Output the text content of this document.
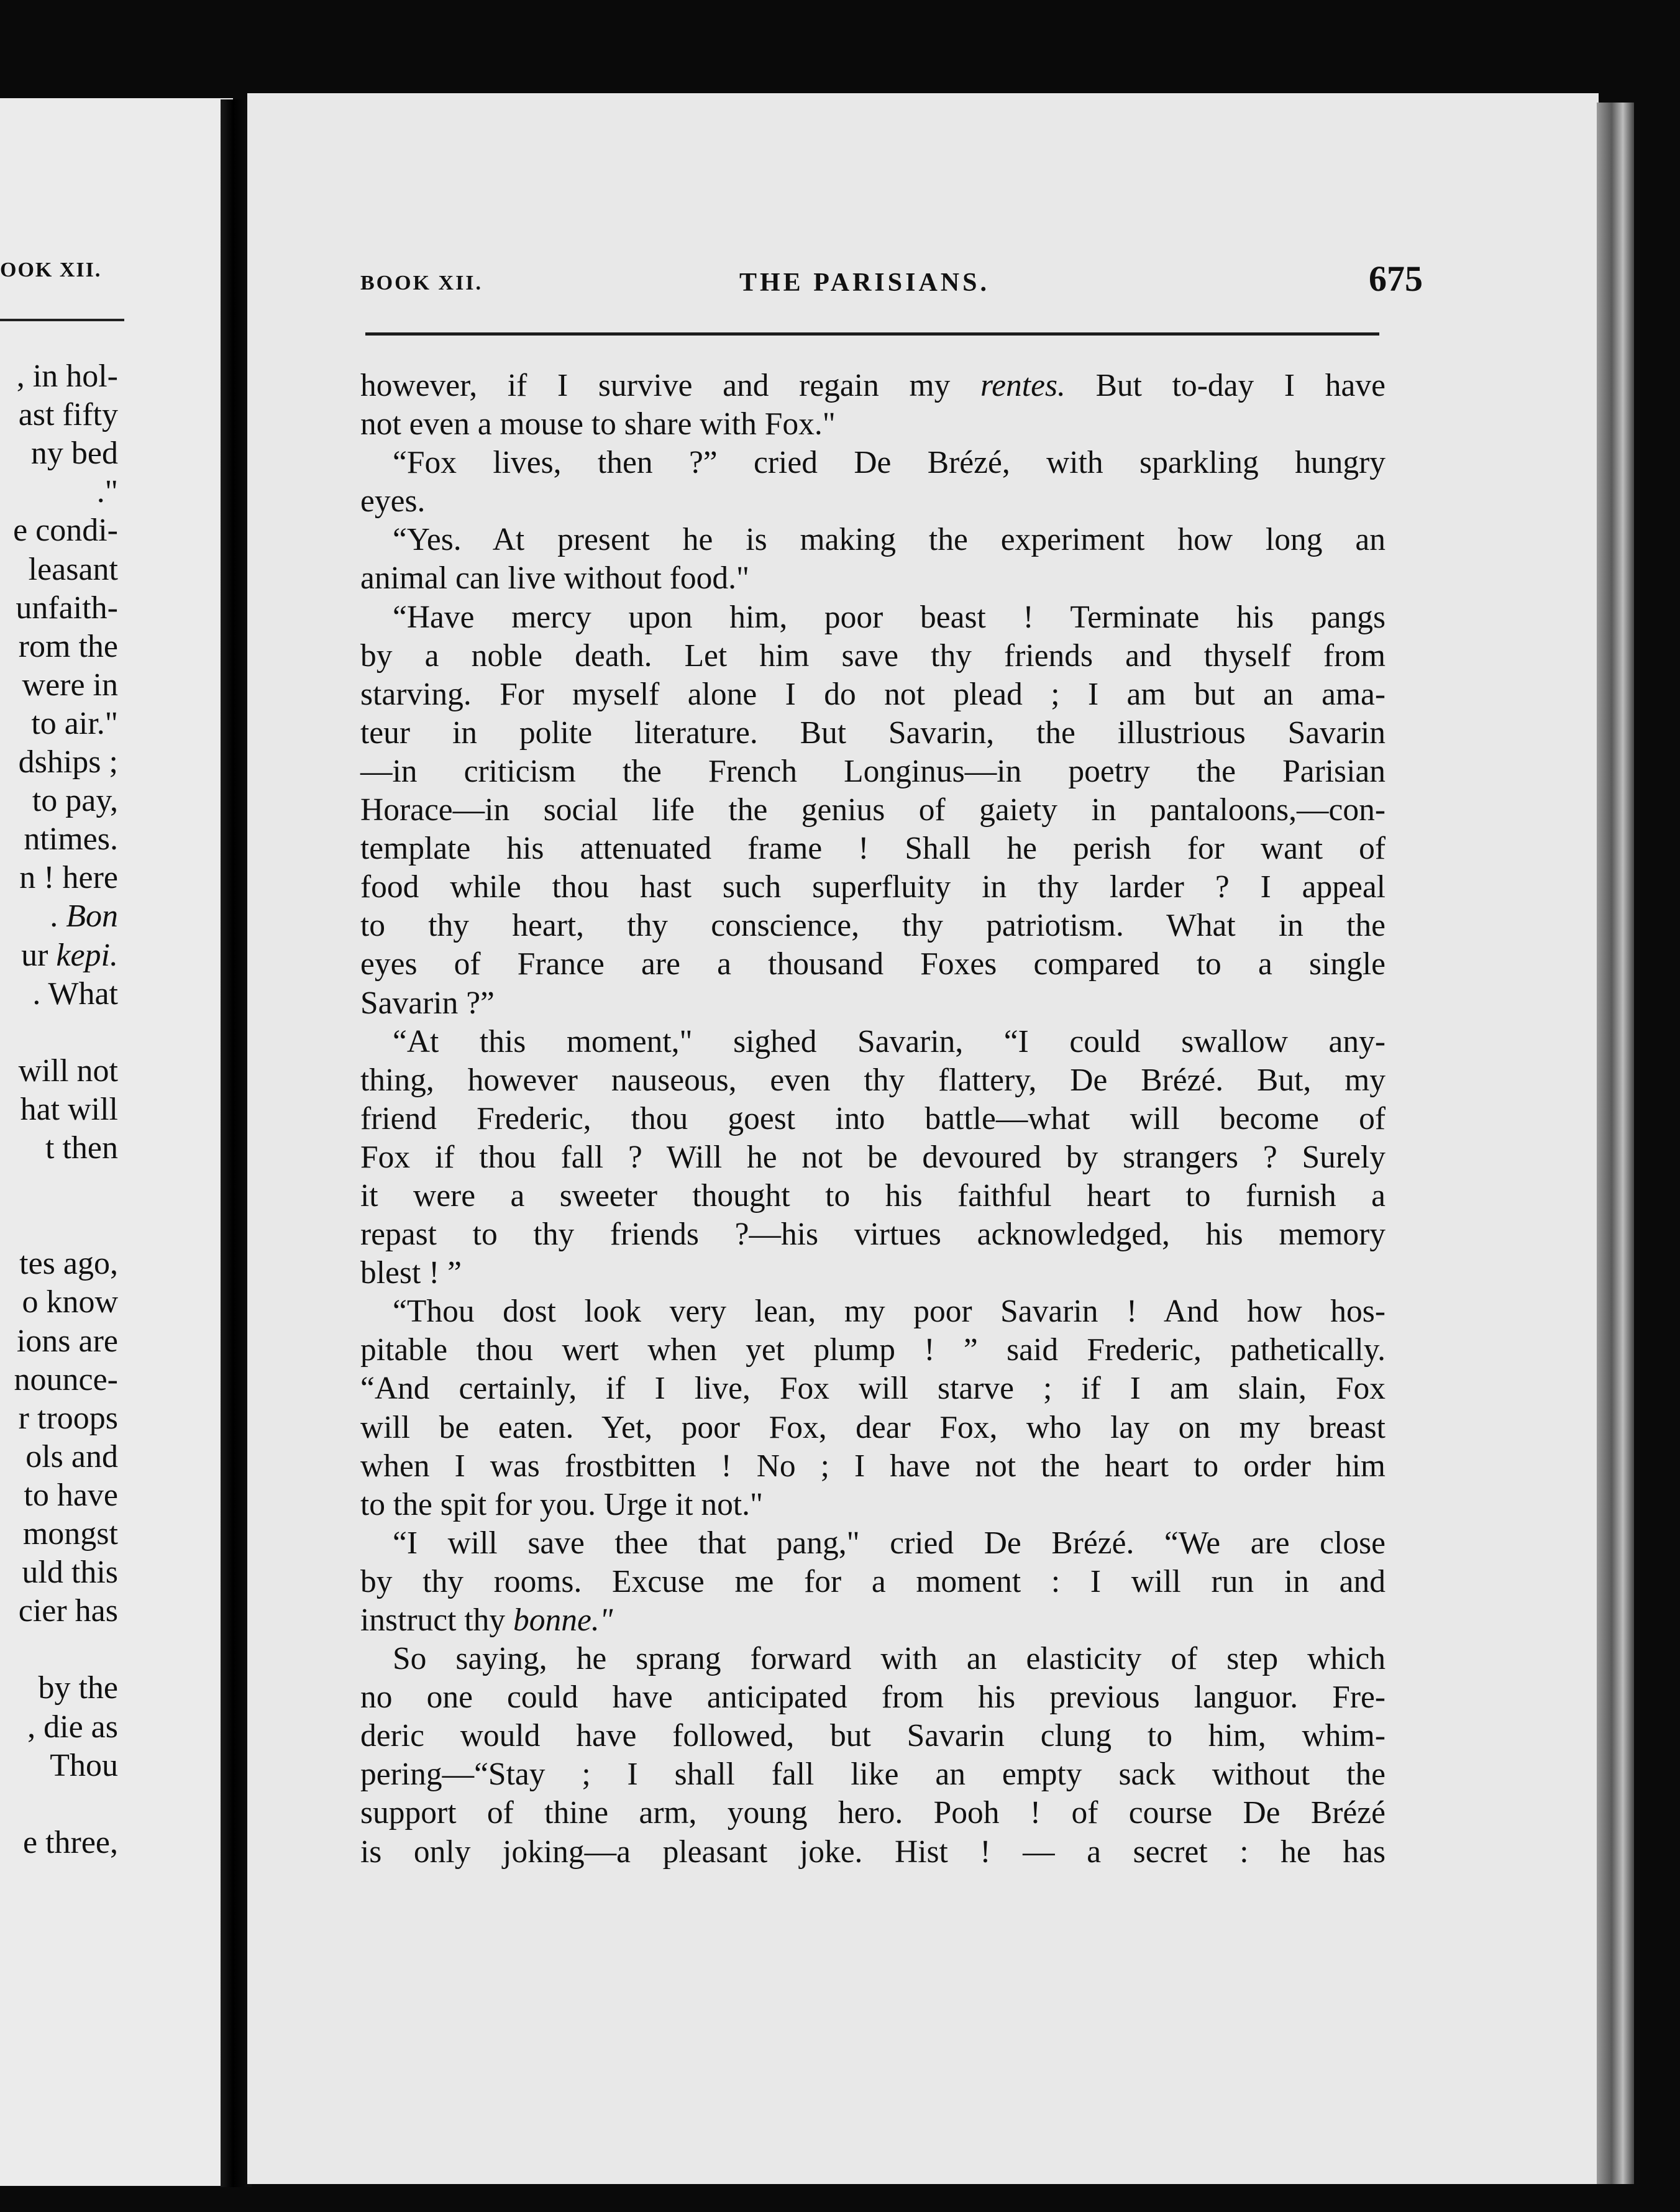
OOK XII.
, in hol-
ast fifty
ny bed
."
e condi-
leasant
unfaith-
rom the
were in
to air."
dships ;
to pay,
ntimes.
n ! here
. Bon
ur kepi.
. What
will not
hat will
t then
tes ago,
o know
ions are
nounce-
r troops
ols and
to have
mongst
uld this
cier has
by the
, die as
Thou
e three,
BOOK XII.	THE PARISIANS.	675
however, if I survive and regain my rentes. But to-day I have
not even a mouse to share with Fox."
“Fox lives, then ?” cried De Brézé, with sparkling hungry
eyes.
“Yes. At present he is making the experiment how long an
animal can live without food."
“Have mercy upon him, poor beast ! Terminate his pangs
by a noble death. Let him save thy friends and thyself from
starving. For myself alone I do not plead ; I am but an ama-
teur in polite literature. But Savarin, the illustrious Savarin
—in criticism the French Longinus—in poetry the Parisian
Horace—in social life the genius of gaiety in pantaloons,—con-
template his attenuated frame ! Shall he perish for want of
food while thou hast such superfluity in thy larder ? I appeal
to thy heart, thy conscience, thy patriotism. What in the
eyes of France are a thousand Foxes compared to a single
Savarin ?”
“At this moment," sighed Savarin, “I could swallow any-
thing, however nauseous, even thy flattery, De Brézé. But, my
friend Frederic, thou goest into battle—what will become of
Fox if thou fall ? Will he not be devoured by strangers ? Surely
it were a sweeter thought to his faithful heart to furnish a
repast to thy friends ?—his virtues acknowledged, his memory
blest ! ”
“Thou dost look very lean, my poor Savarin ! And how hos-
pitable thou wert when yet plump ! ” said Frederic, pathetically.
“And certainly, if I live, Fox will starve ; if I am slain, Fox
will be eaten. Yet, poor Fox, dear Fox, who lay on my breast
when I was frostbitten ! No ; I have not the heart to order him
to the spit for you. Urge it not."
“I will save thee that pang," cried De Brézé. “We are close
by thy rooms. Excuse me for a moment : I will run in and
instruct thy bonne."
So saying, he sprang forward with an elasticity of step which
no one could have anticipated from his previous languor. Fre-
deric would have followed, but Savarin clung to him, whim-
pering—“Stay ; I shall fall like an empty sack without the
support of thine arm, young hero. Pooh ! of course De Brézé
is only joking—a pleasant joke. Hist ! — a secret : he has
